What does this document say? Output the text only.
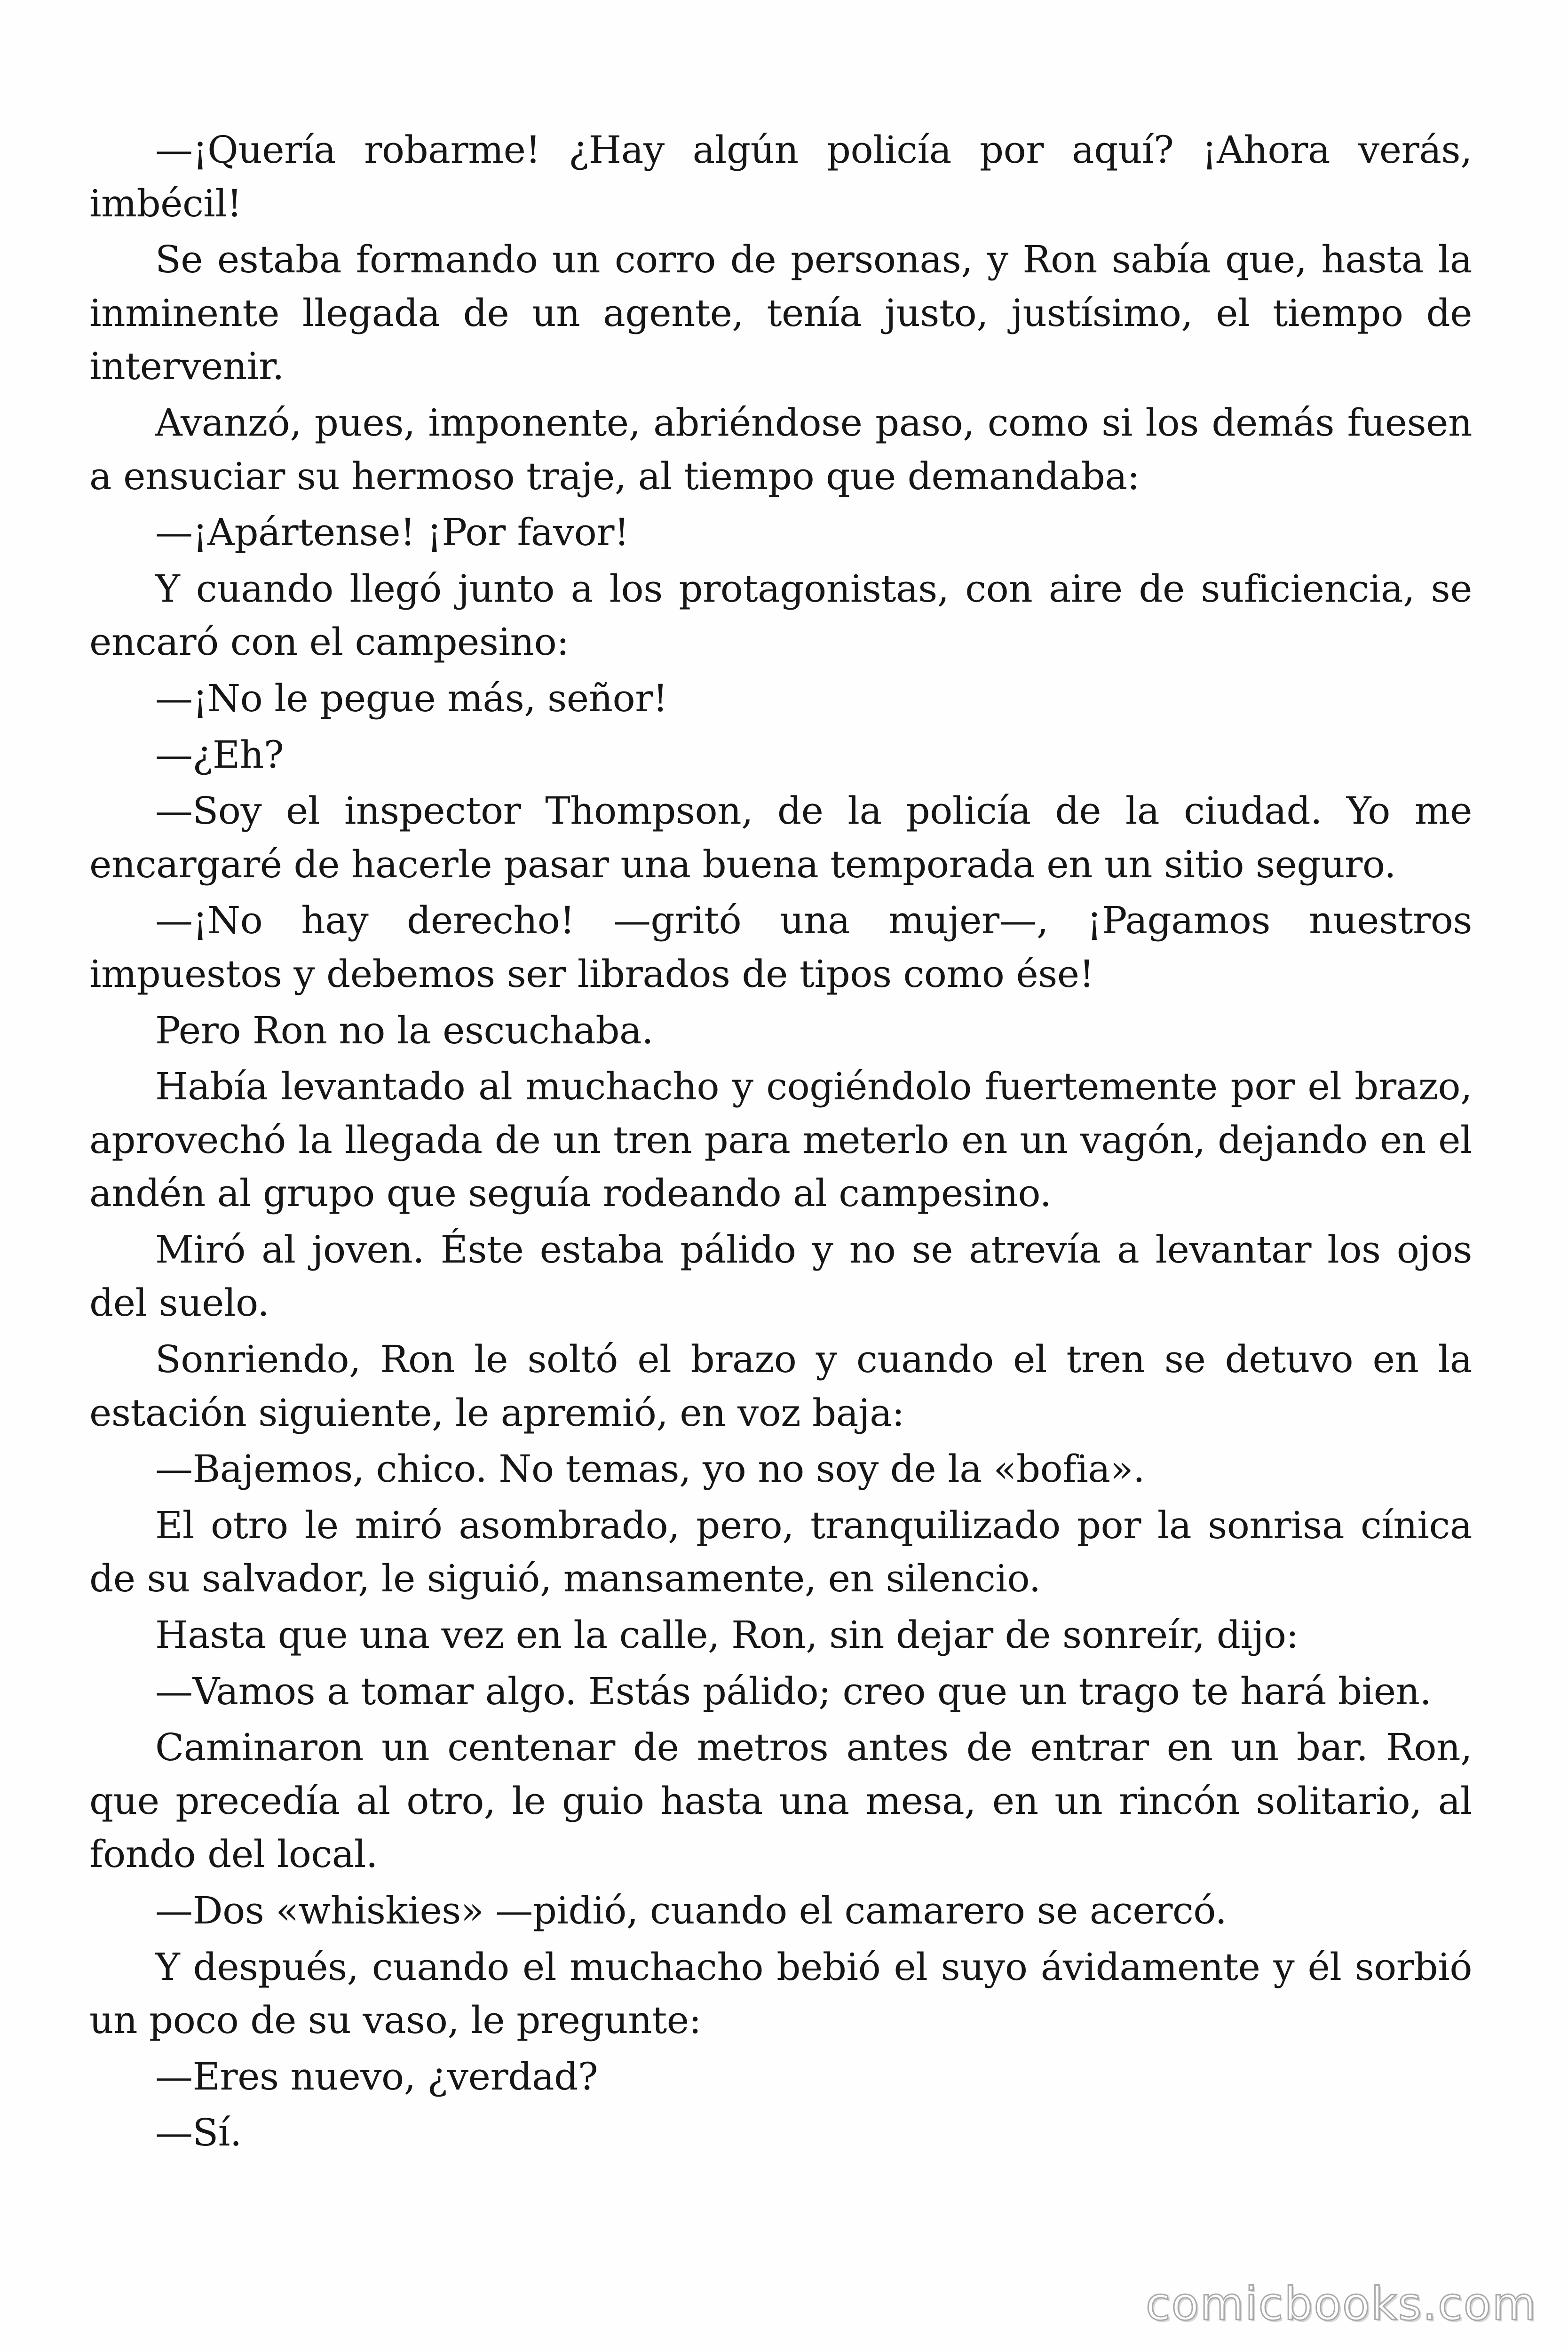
—¡Quería robarme! ¿Hay algún policía por aquí? ¡Ahora verás, imbécil!

Se estaba formando un corro de personas, y Ron sabía que, hasta la inminente llegada de un agente, tenía justo, justísimo, el tiempo de intervenir.

Avanzó, pues, imponente, abriéndose paso, como si los demás fuesen a ensuciar su hermoso traje, al tiempo que demandaba:

—¡Apártense! ¡Por favor!

Y cuando llegó junto a los protagonistas, con aire de suficiencia, se encaró con el campesino:

—¡No le pegue más, señor!

—¿Eh?

—Soy el inspector Thompson, de la policía de la ciudad. Yo me encargaré de hacerle pasar una buena temporada en un sitio seguro.

—¡No hay derecho! —gritó una mujer—, ¡Pagamos nuestros impuestos y debemos ser librados de tipos como ése!

Pero Ron no la escuchaba.

Había levantado al muchacho y cogiéndolo fuertemente por el brazo, aprovechó la llegada de un tren para meterlo en un vagón, dejando en el andén al grupo que seguía rodeando al campesino.

Miró al joven. Éste estaba pálido y no se atrevía a levantar los ojos del suelo.

Sonriendo, Ron le soltó el brazo y cuando el tren se detuvo en la estación siguiente, le apremió, en voz baja:

—Bajemos, chico. No temas, yo no soy de la «bofia».

El otro le miró asombrado, pero, tranquilizado por la sonrisa cínica de su salvador, le siguió, mansamente, en silencio.

Hasta que una vez en la calle, Ron, sin dejar de sonreír, dijo:

—Vamos a tomar algo. Estás pálido; creo que un trago te hará bien.

Caminaron un centenar de metros antes de entrar en un bar. Ron, que precedía al otro, le guio hasta una mesa, en un rincón solitario, al fondo del local.

—Dos «whiskies» —pidió, cuando el camarero se acercó.

Y después, cuando el muchacho bebió el suyo ávidamente y él sorbió un poco de su vaso, le pregunte:

—Eres nuevo, ¿verdad?

—Sí.

comicbooks.com
